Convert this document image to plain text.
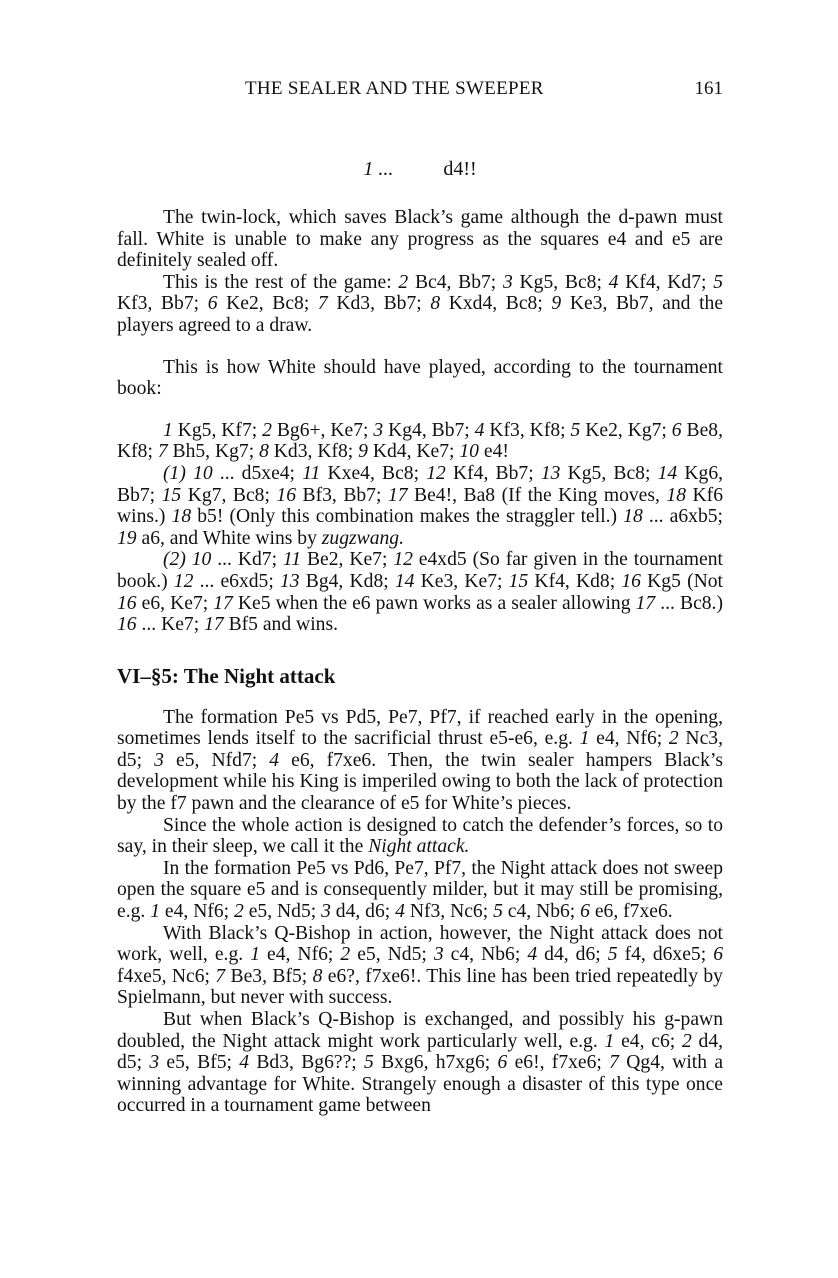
THE SEALER AND THE SWEEPER	161
1 ...	d4!!

The twin-lock, which saves Black’s game although the d-pawn must fall. White is unable to make any progress as the squares e4 and e5 are definitely sealed off.

This is the rest of the game: 2 Bc4, Bb7; 3 Kg5, Bc8; 4 Kf4, Kd7; 5 Kf3, Bb7; 6 Ke2, Bc8; 7 Kd3, Bb7; 8 Kxd4, Bc8; 9 Ke3, Bb7, and the players agreed to a draw.

This is how White should have played, according to the tournament book:

1 Kg5, Kf7; 2 Bg6+, Ke7; 3 Kg4, Bb7; 4 Kf3, Kf8; 5 Ke2, Kg7; 6 Be8, Kf8; 7 Bh5, Kg7; 8 Kd3, Kf8; 9 Kd4, Ke7; 10 e4!

(1) 10 ... d5xe4; 11 Kxe4, Bc8; 12 Kf4, Bb7; 13 Kg5, Bc8; 14 Kg6, Bb7; 15 Kg7, Bc8; 16 Bf3, Bb7; 17 Be4!, Ba8 (If the King moves, 18 Kf6 wins.) 18 b5! (Only this combination makes the straggler tell.) 18 ... a6xb5; 19 a6, and White wins by zugzwang.

(2) 10 ... Kd7; 11 Be2, Ke7; 12 e4xd5 (So far given in the tournament book.) 12 ... e6xd5; 13 Bg4, Kd8; 14 Ke3, Ke7; 15 Kf4, Kd8; 16 Kg5 (Not 16 e6, Ke7; 17 Ke5 when the e6 pawn works as a sealer allowing 17 ... Bc8.) 16 ... Ke7; 17 Bf5 and wins.

VI–§5: The Night attack

The formation Pe5 vs Pd5, Pe7, Pf7, if reached early in the opening, sometimes lends itself to the sacrificial thrust e5-e6, e.g. 1 e4, Nf6; 2 Nc3, d5; 3 e5, Nfd7; 4 e6, f7xe6. Then, the twin sealer hampers Black’s development while his King is imperiled owing to both the lack of protection by the f7 pawn and the clearance of e5 for White’s pieces.

Since the whole action is designed to catch the defender’s forces, so to say, in their sleep, we call it the Night attack.

In the formation Pe5 vs Pd6, Pe7, Pf7, the Night attack does not sweep open the square e5 and is consequently milder, but it may still be promising, e.g. 1 e4, Nf6; 2 e5, Nd5; 3 d4, d6; 4 Nf3, Nc6; 5 c4, Nb6; 6 e6, f7xe6.

With Black’s Q-Bishop in action, however, the Night attack does not work, well, e.g. 1 e4, Nf6; 2 e5, Nd5; 3 c4, Nb6; 4 d4, d6; 5 f4, d6xe5; 6 f4xe5, Nc6; 7 Be3, Bf5; 8 e6?, f7xe6!. This line has been tried repeatedly by Spielmann, but never with success.

But when Black’s Q-Bishop is exchanged, and possibly his g-pawn doubled, the Night attack might work particularly well, e.g. 1 e4, c6; 2 d4, d5; 3 e5, Bf5; 4 Bd3, Bg6??; 5 Bxg6, h7xg6; 6 e6!, f7xe6; 7 Qg4, with a winning advantage for White. Strangely enough a disaster of this type once occurred in a tournament game between
